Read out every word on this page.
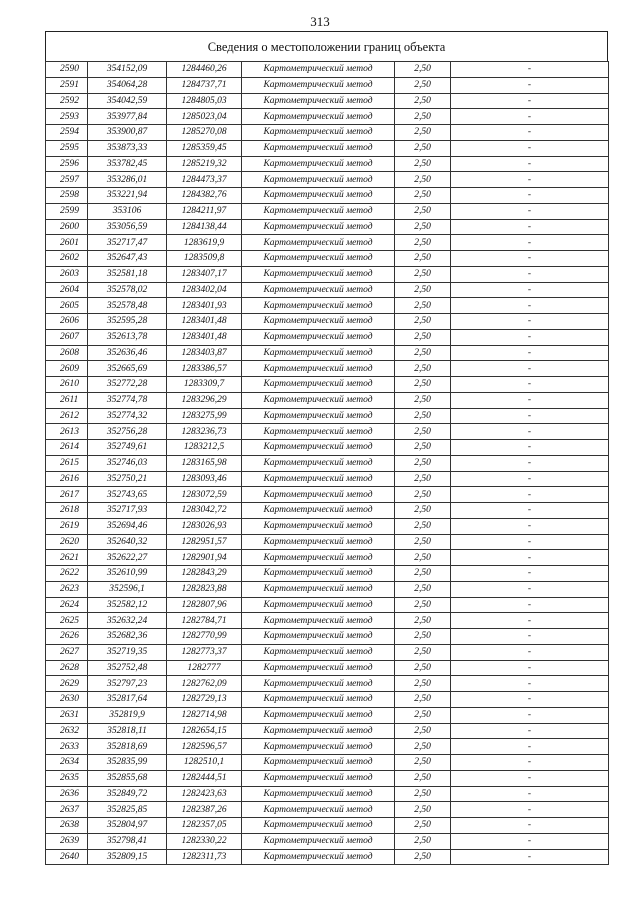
313
Сведения о местоположении границ объекта
2590	354152,09	1284460,26	Картометрический метод	2,50	-
2591	354064,28	1284737,71	Картометрический метод	2,50	-
2592	354042,59	1284805,03	Картометрический метод	2,50	-
2593	353977,84	1285023,04	Картометрический метод	2,50	-
2594	353900,87	1285270,08	Картометрический метод	2,50	-
2595	353873,33	1285359,45	Картометрический метод	2,50	-
2596	353782,45	1285219,32	Картометрический метод	2,50	-
2597	353286,01	1284473,37	Картометрический метод	2,50	-
2598	353221,94	1284382,76	Картометрический метод	2,50	-
2599	353106	1284211,97	Картометрический метод	2,50	-
2600	353056,59	1284138,44	Картометрический метод	2,50	-
2601	352717,47	1283619,9	Картометрический метод	2,50	-
2602	352647,43	1283509,8	Картометрический метод	2,50	-
2603	352581,18	1283407,17	Картометрический метод	2,50	-
2604	352578,02	1283402,04	Картометрический метод	2,50	-
2605	352578,48	1283401,93	Картометрический метод	2,50	-
2606	352595,28	1283401,48	Картометрический метод	2,50	-
2607	352613,78	1283401,48	Картометрический метод	2,50	-
2608	352636,46	1283403,87	Картометрический метод	2,50	-
2609	352665,69	1283386,57	Картометрический метод	2,50	-
2610	352772,28	1283309,7	Картометрический метод	2,50	-
2611	352774,78	1283296,29	Картометрический метод	2,50	-
2612	352774,32	1283275,99	Картометрический метод	2,50	-
2613	352756,28	1283236,73	Картометрический метод	2,50	-
2614	352749,61	1283212,5	Картометрический метод	2,50	-
2615	352746,03	1283165,98	Картометрический метод	2,50	-
2616	352750,21	1283093,46	Картометрический метод	2,50	-
2617	352743,65	1283072,59	Картометрический метод	2,50	-
2618	352717,93	1283042,72	Картометрический метод	2,50	-
2619	352694,46	1283026,93	Картометрический метод	2,50	-
2620	352640,32	1282951,57	Картометрический метод	2,50	-
2621	352622,27	1282901,94	Картометрический метод	2,50	-
2622	352610,99	1282843,29	Картометрический метод	2,50	-
2623	352596,1	1282823,88	Картометрический метод	2,50	-
2624	352582,12	1282807,96	Картометрический метод	2,50	-
2625	352632,24	1282784,71	Картометрический метод	2,50	-
2626	352682,36	1282770,99	Картометрический метод	2,50	-
2627	352719,35	1282773,37	Картометрический метод	2,50	-
2628	352752,48	1282777	Картометрический метод	2,50	-
2629	352797,23	1282762,09	Картометрический метод	2,50	-
2630	352817,64	1282729,13	Картометрический метод	2,50	-
2631	352819,9	1282714,98	Картометрический метод	2,50	-
2632	352818,11	1282654,15	Картометрический метод	2,50	-
2633	352818,69	1282596,57	Картометрический метод	2,50	-
2634	352835,99	1282510,1	Картометрический метод	2,50	-
2635	352855,68	1282444,51	Картометрический метод	2,50	-
2636	352849,72	1282423,63	Картометрический метод	2,50	-
2637	352825,85	1282387,26	Картометрический метод	2,50	-
2638	352804,97	1282357,05	Картометрический метод	2,50	-
2639	352798,41	1282330,22	Картометрический метод	2,50	-
2640	352809,15	1282311,73	Картометрический метод	2,50	-
